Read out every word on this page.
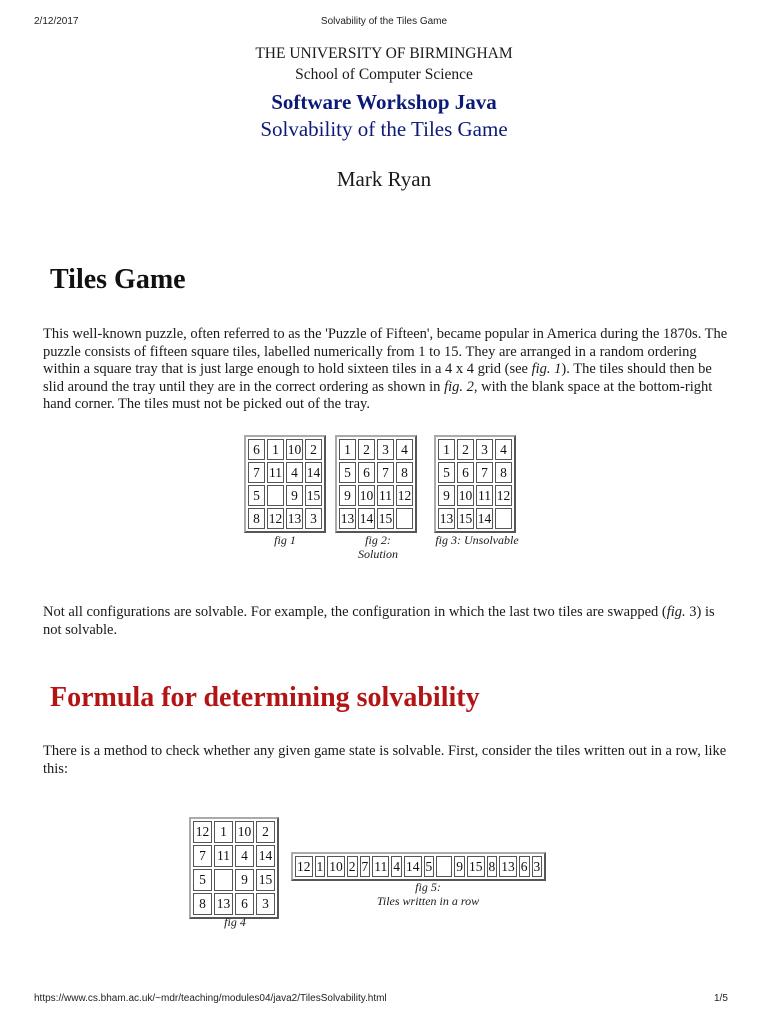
2/12/2017	Solvability of the Tiles Game
THE UNIVERSITY OF BIRMINGHAM
School of Computer Science
Software Workshop Java
Solvability of the Tiles Game
Mark Ryan
Tiles Game

This well-known puzzle, often referred to as the 'Puzzle of Fifteen', became popular in America during the 1870s. The puzzle consists of fifteen square tiles, labelled numerically from 1 to 15. They are arranged in a random ordering within a square tray that is just large enough to hold sixteen tiles in a 4 x 4 grid (see fig. 1). The tiles should then be slid around the tray until they are in the correct ordering as shown in fig. 2, with the blank space at the bottom-right hand corner. The tiles must not be picked out of the tray.

6	1	10	2
7	11	4	14
5		9	15
8	12	13	3
fig 1
1	2	3	4
5	6	7	8
9	10	11	12
13	14	15	
fig 2:
Solution
1	2	3	4
5	6	7	8
9	10	11	12
13	15	14	
fig 3: Unsolvable

Not all configurations are solvable. For example, the configuration in which the last two tiles are swapped (fig. 3) is not solvable.

Formula for determining solvability

There is a method to check whether any given game state is solvable. First, consider the tiles written out in a row, like this:

12	1	10	2
7	11	4	14
5		9	15
8	13	6	3
fig 4
12	1	10	2	7	11	4	14	5		9	15	8	13	6	3
fig 5:
Tiles written in a row
https://www.cs.bham.ac.uk/~mdr/teaching/modules04/java2/TilesSolvability.html	1/5
